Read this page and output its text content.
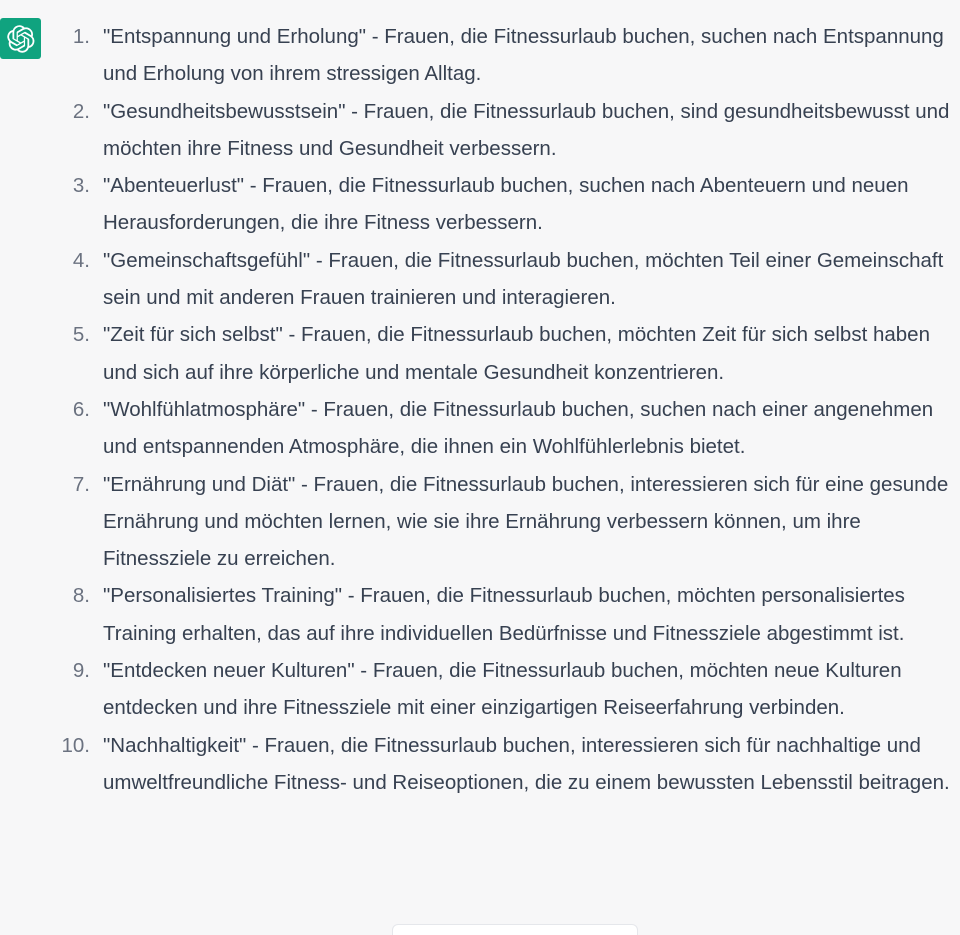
1. "Entspannung und Erholung" - Frauen, die Fitnessurlaub buchen, suchen nach Entspannung und Erholung von ihrem stressigen Alltag.
2. "Gesundheitsbewusstsein" - Frauen, die Fitnessurlaub buchen, sind gesundheitsbewusst und möchten ihre Fitness und Gesundheit verbessern.
3. "Abenteuerlust" - Frauen, die Fitnessurlaub buchen, suchen nach Abenteuern und neuen Herausforderungen, die ihre Fitness verbessern.
4. "Gemeinschaftsgefühl" - Frauen, die Fitnessurlaub buchen, möchten Teil einer Gemeinschaft sein und mit anderen Frauen trainieren und interagieren.
5. "Zeit für sich selbst" - Frauen, die Fitnessurlaub buchen, möchten Zeit für sich selbst haben und sich auf ihre körperliche und mentale Gesundheit konzentrieren.
6. "Wohlfühlatmosphäre" - Frauen, die Fitnessurlaub buchen, suchen nach einer angenehmen und entspannenden Atmosphäre, die ihnen ein Wohlfühlerlebnis bietet.
7. "Ernährung und Diät" - Frauen, die Fitnessurlaub buchen, interessieren sich für eine gesunde Ernährung und möchten lernen, wie sie ihre Ernährung verbessern können, um ihre Fitnessziele zu erreichen.
8. "Personalisiertes Training" - Frauen, die Fitnessurlaub buchen, möchten personalisiertes Training erhalten, das auf ihre individuellen Bedürfnisse und Fitnessziele abgestimmt ist.
9. "Entdecken neuer Kulturen" - Frauen, die Fitnessurlaub buchen, möchten neue Kulturen entdecken und ihre Fitnessziele mit einer einzigartigen Reiseerfahrung verbinden.
10. "Nachhaltigkeit" - Frauen, die Fitnessurlaub buchen, interessieren sich für nachhaltige und umweltfreundliche Fitness- und Reiseoptionen, die zu einem bewussten Lebensstil beitragen.
